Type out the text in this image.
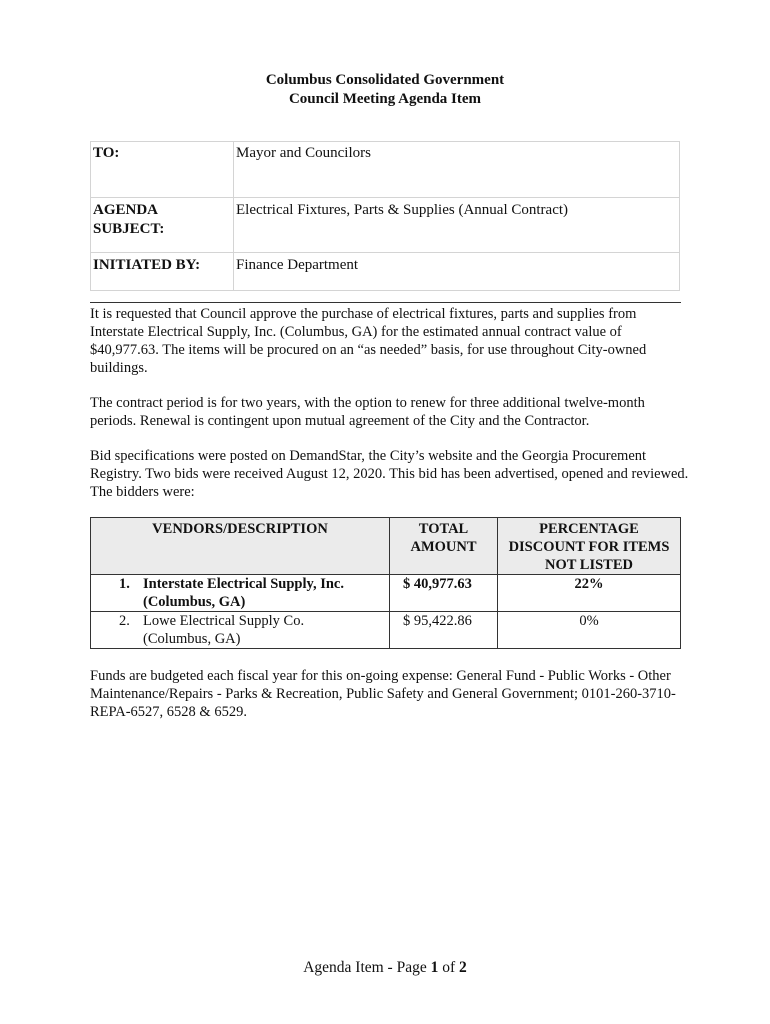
Columbus Consolidated Government
Council Meeting Agenda Item
TO:	Mayor and Councilors

AGENDA
SUBJECT:	Electrical Fixtures, Parts & Supplies (Annual Contract)
INITIATED BY:	Finance Department

It is requested that Council approve the purchase of electrical fixtures, parts and supplies from Interstate Electrical Supply, Inc. (Columbus, GA) for the estimated annual contract value of $40,977.63. The items will be procured on an “as needed” basis, for use throughout City-owned buildings.

The contract period is for two years, with the option to renew for three additional twelve-month periods. Renewal is contingent upon mutual agreement of the City and the Contractor.

Bid specifications were posted on DemandStar, the City’s website and the Georgia Procurement Registry. Two bids were received August 12, 2020. This bid has been advertised, opened and reviewed. The bidders were:

VENDORS/DESCRIPTION	TOTAL AMOUNT	PERCENTAGE DISCOUNT FOR ITEMS NOT LISTED

1. Interstate Electrical Supply, Inc.
(Columbus, GA)	$ 40,977.63	22%

2. Lowe Electrical Supply Co.
(Columbus, GA)	$ 95,422.86	0%

Funds are budgeted each fiscal year for this on-going expense: General Fund - Public Works - Other Maintenance/Repairs - Parks & Recreation, Public Safety and General Government; 0101-260-3710-REPA-6527, 6528 & 6529.

Agenda Item - Page 1 of 2
